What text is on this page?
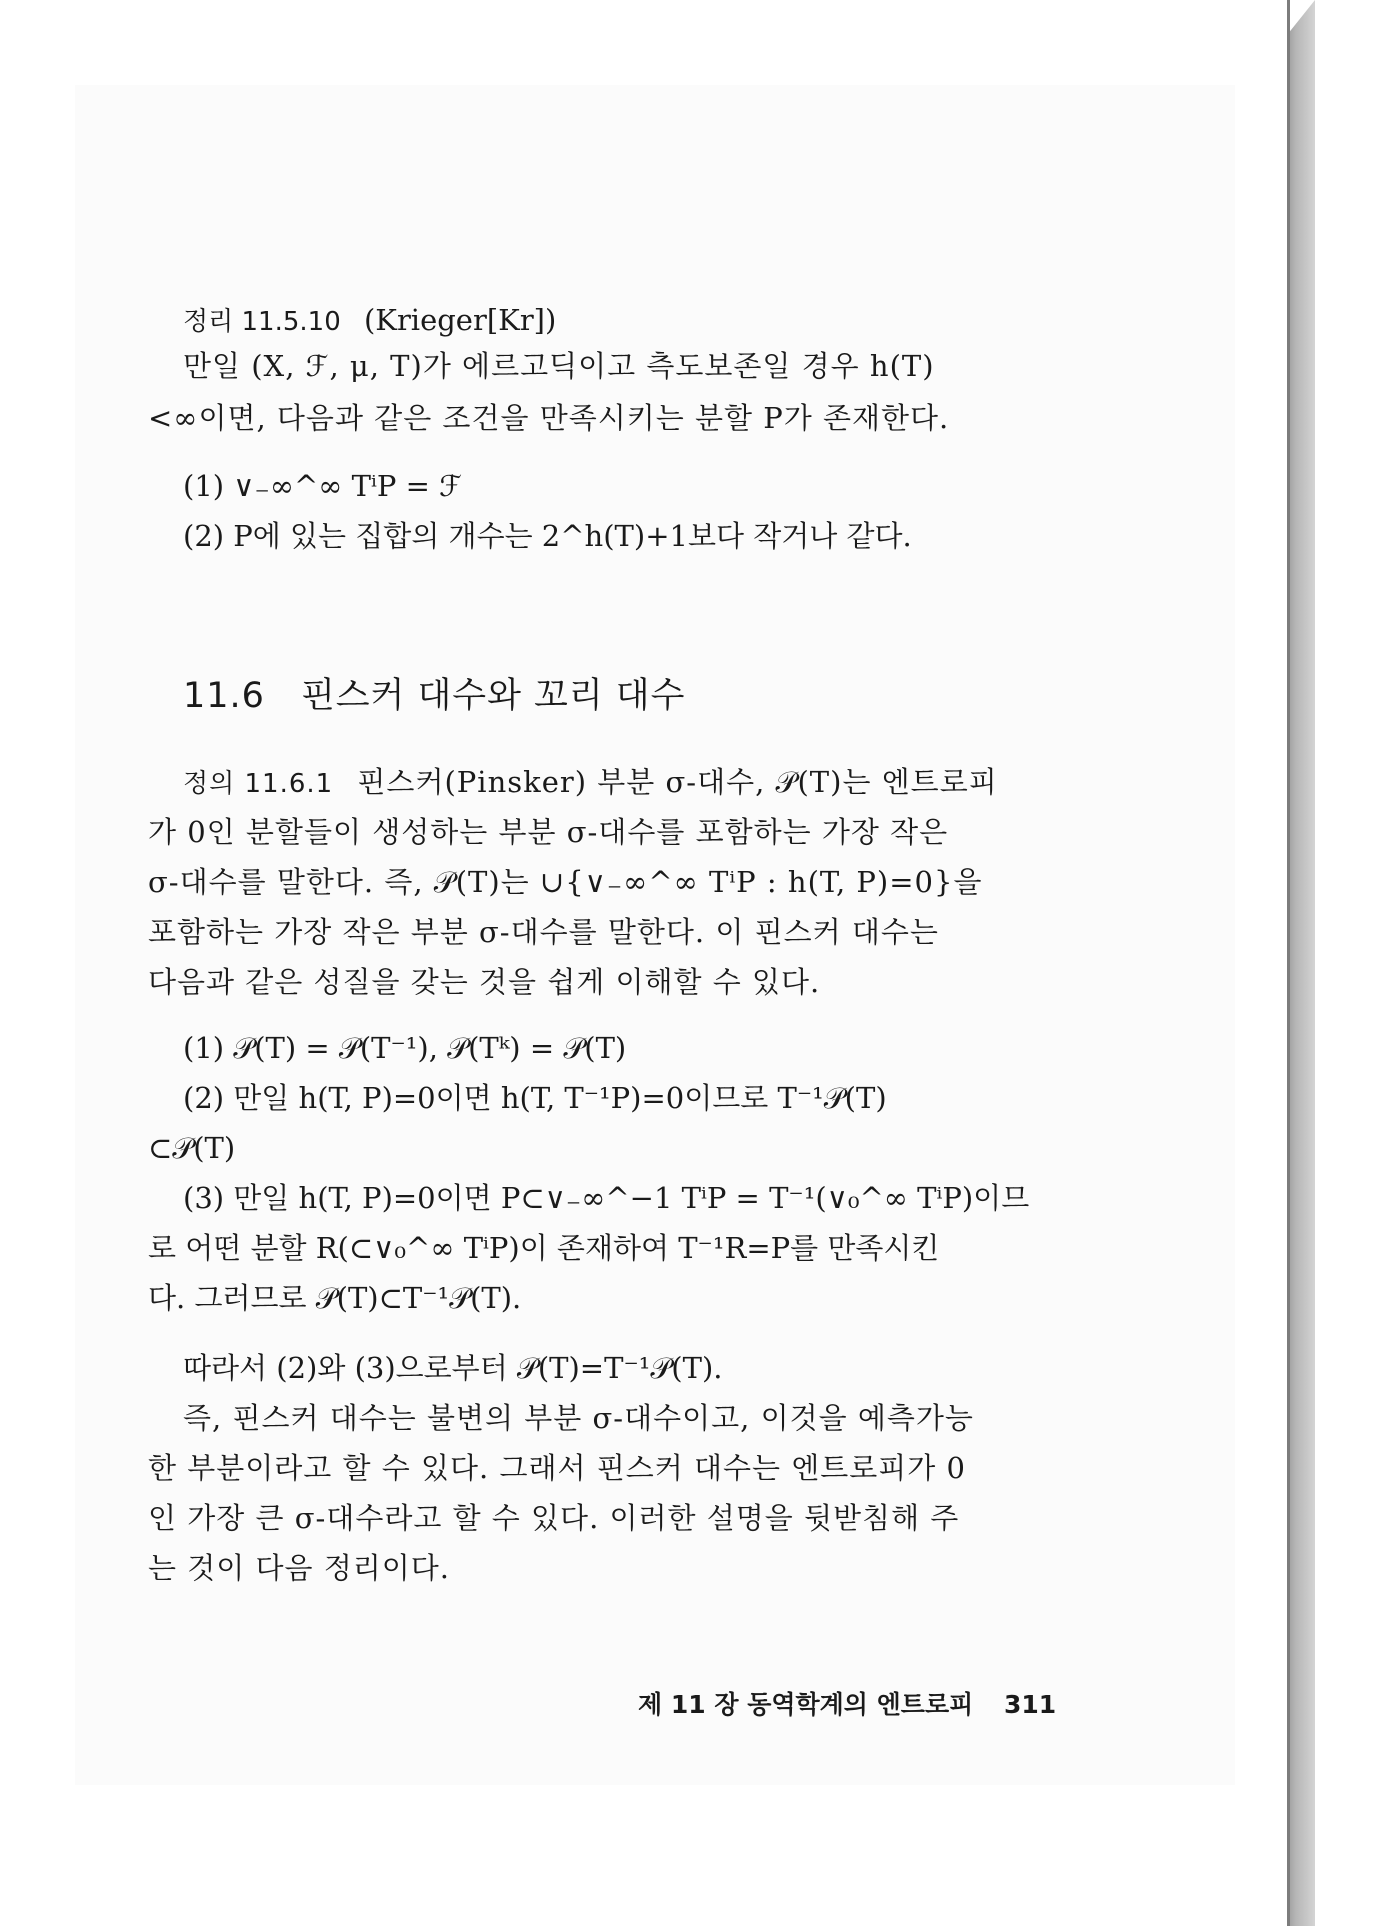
정리 11.5.10 (Krieger[Kr])
만일 (X, ℱ, μ, T)가 에르고딕이고 측도보존일 경우 h(T)
<∞이면, 다음과 같은 조건을 만족시키는 분할 P가 존재한다.
(1) ∨₋∞^∞ TⁱP = ℱ
(2) P에 있는 집합의 개수는 2^h(T)+1보다 작거나 같다.
11.6 핀스커 대수와 꼬리 대수
정의 11.6.1 핀스커(Pinsker) 부분 σ-대수, 𝒫(T)는 엔트로피
가 0인 분할들이 생성하는 부분 σ-대수를 포함하는 가장 작은
σ-대수를 말한다. 즉, 𝒫(T)는 ∪{∨₋∞^∞ TⁱP : h(T, P)=0}을
포함하는 가장 작은 부분 σ-대수를 말한다. 이 핀스커 대수는
다음과 같은 성질을 갖는 것을 쉽게 이해할 수 있다.
(1) 𝒫(T) = 𝒫(T⁻¹), 𝒫(Tᵏ) = 𝒫(T)
(2) 만일 h(T, P)=0이면 h(T, T⁻¹P)=0이므로 T⁻¹𝒫(T)
⊂𝒫(T)
(3) 만일 h(T, P)=0이면 P⊂∨₋∞^−1 TⁱP = T⁻¹(∨₀^∞ TⁱP)이므
로 어떤 분할 R(⊂∨₀^∞ TⁱP)이 존재하여 T⁻¹R=P를 만족시킨
다. 그러므로 𝒫(T)⊂T⁻¹𝒫(T).
따라서 (2)와 (3)으로부터 𝒫(T)=T⁻¹𝒫(T).
즉, 핀스커 대수는 불변의 부분 σ-대수이고, 이것을 예측가능
한 부분이라고 할 수 있다. 그래서 핀스커 대수는 엔트로피가 0
인 가장 큰 σ-대수라고 할 수 있다. 이러한 설명을 뒷받침해 주
는 것이 다음 정리이다.
제 11 장 동역학계의 엔트로피 311
